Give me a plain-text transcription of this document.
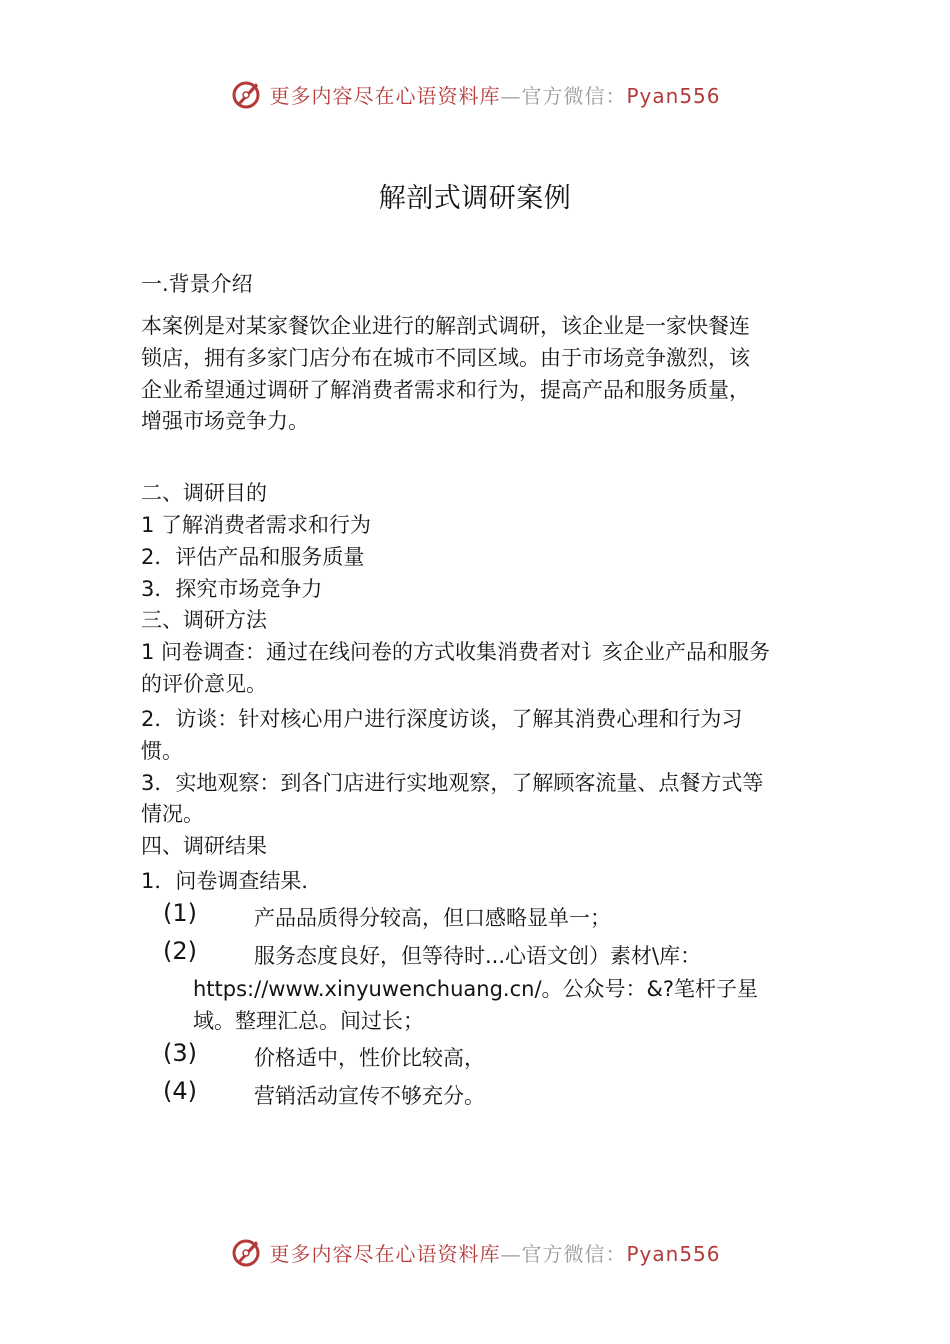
更多内容尽在心语资料库—官方微信：Pyan556
解剖式调研案例
一.背景介绍
本案例是对某家餐饮企业进行的解剖式调研，该企业是一家快餐连
锁店，拥有多家门店分布在城市不同区域。由于市场竞争激烈，该
企业希望通过调研了解消费者需求和行为，提高产品和服务质量，
增强市场竞争力。
二、调研目的
1 了解消费者需求和行为
2．评估产品和服务质量
3．探究市场竞争力
三、调研方法
1 问卷调查：通过在线问卷的方式收集消费者对讠亥企业产品和服务
的评价意见。
2．访谈：针对核心用户进行深度访谈，了解其消费心理和行为习
惯。
3．实地观察：到各门店进行实地观察，了解顾客流量、点餐方式等
情况。
四、调研结果
1．问卷调查结果．
(1)	产品品质得分较高，但口感略显单一；
(2)	服务态度良好，但等待时...心语文创）素材\库：
https://www.xinyuwenchuang.cn/。公众号：&?笔杆子星
域。整理汇总。间过长；
(3)	价格适中，性价比较高，
(4)	营销活动宣传不够充分。
更多内容尽在心语资料库—官方微信：Pyan556
